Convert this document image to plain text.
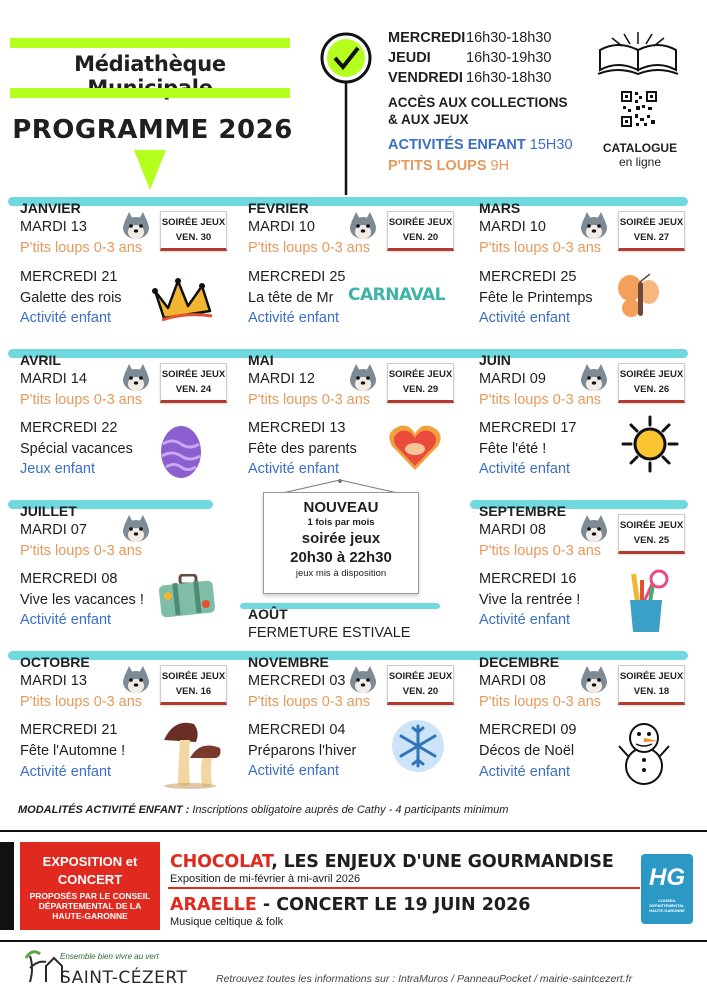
Médiathèque
PROGRAMME 2026
MERCREDI16h30-18h30
JEUDI 16h30-19h30
VENDREDI 16h30-18h30
ACCÈS AUX COLLECTIONS
& AUX JEUX
ACTIVITÉS ENFANT 15H30
P'TITS LOUPS 9H
CATALOGUE
en ligne
JANVIER
MARDI 13
P'tits loups 0-3 ans
SOIRÉE JEUX
VEN. 30
MERCREDI 21
Galette des rois
Activité enfant
FEVRIER
MARDI 10
P'tits loups 0-3 ans
SOIRÉE JEUX
VEN. 20
MERCREDI 25
La tête de Mr
Activité enfant
MARS
MARDI 10
P'tits loups 0-3 ans
SOIRÉE JEUX
VEN. 27
MERCREDI 25
Fête le Printemps
Activité enfant
AVRIL
MARDI 14
P'tits loups 0-3 ans
SOIRÉE JEUX
VEN. 24
MERCREDI 22
Spécial vacances
Jeux enfant
MAI
MARDI 12
P'tits loups 0-3 ans
SOIRÉE JEUX
VEN. 29
MERCREDI 13
Fête des parents
Activité enfant
JUIN
MARDI 09
P'tits loups 0-3 ans
SOIRÉE JEUX
VEN. 26
MERCREDI 17
Fête l'été !
Activité enfant
JUILLET
MARDI 07
P'tits loups 0-3 ans
MERCREDI 08
Vive les vacances !
Activité enfant
SEPTEMBRE
MARDI 08
P'tits loups 0-3 ans
SOIRÉE JEUX
VEN. 25
MERCREDI 16
Vive la rentrée !
Activité enfant
NOUVEAU
1 fois par mois
soirée jeux
20h30 à 22h30
jeux mis à disposition
AOÛT
FERMETURE ESTIVALE
OCTOBRE
MARDI 13
P'tits loups 0-3 ans
SOIRÉE JEUX
VEN. 16
MERCREDI 21
Fête l'Automne !
Activité enfant
NOVEMBRE
MERCREDI 03
P'tits loups 0-3 ans
SOIRÉE JEUX
VEN. 20
MERCREDI 04
Préparons l'hiver
Activité enfant
DECEMBRE
MARDI 08
P'tits loups 0-3 ans
SOIRÉE JEUX
VEN. 18
MERCREDI 09
Décos de Noël
Activité enfant
CARNAVAL
MODALITÉS ACTIVITÉ ENFANT : Inscriptions obligatoire auprès de Cathy - 4 participants minimum
EXPOSITION et
CONCERT
PROPOSÉS PAR LE CONSEIL DÉPARTEMENTAL DE LA HAUTE-GARONNE
CHOCOLAT, LES ENJEUX D'UNE GOURMANDISE
Exposition de mi-février à mi-avril 2026
ARAELLE - CONCERT LE 19 JUIN 2026
Musique celtique & folk
HG
CONSEIL DÉPARTEMENTAL HAUTE-GARONNE
Ensemble bien vivre au vert
SAINT-CÉZERT	Retrouvez toutes les informations sur : IntraMuros / PanneauPocket / mairie-saintcezert.fr
